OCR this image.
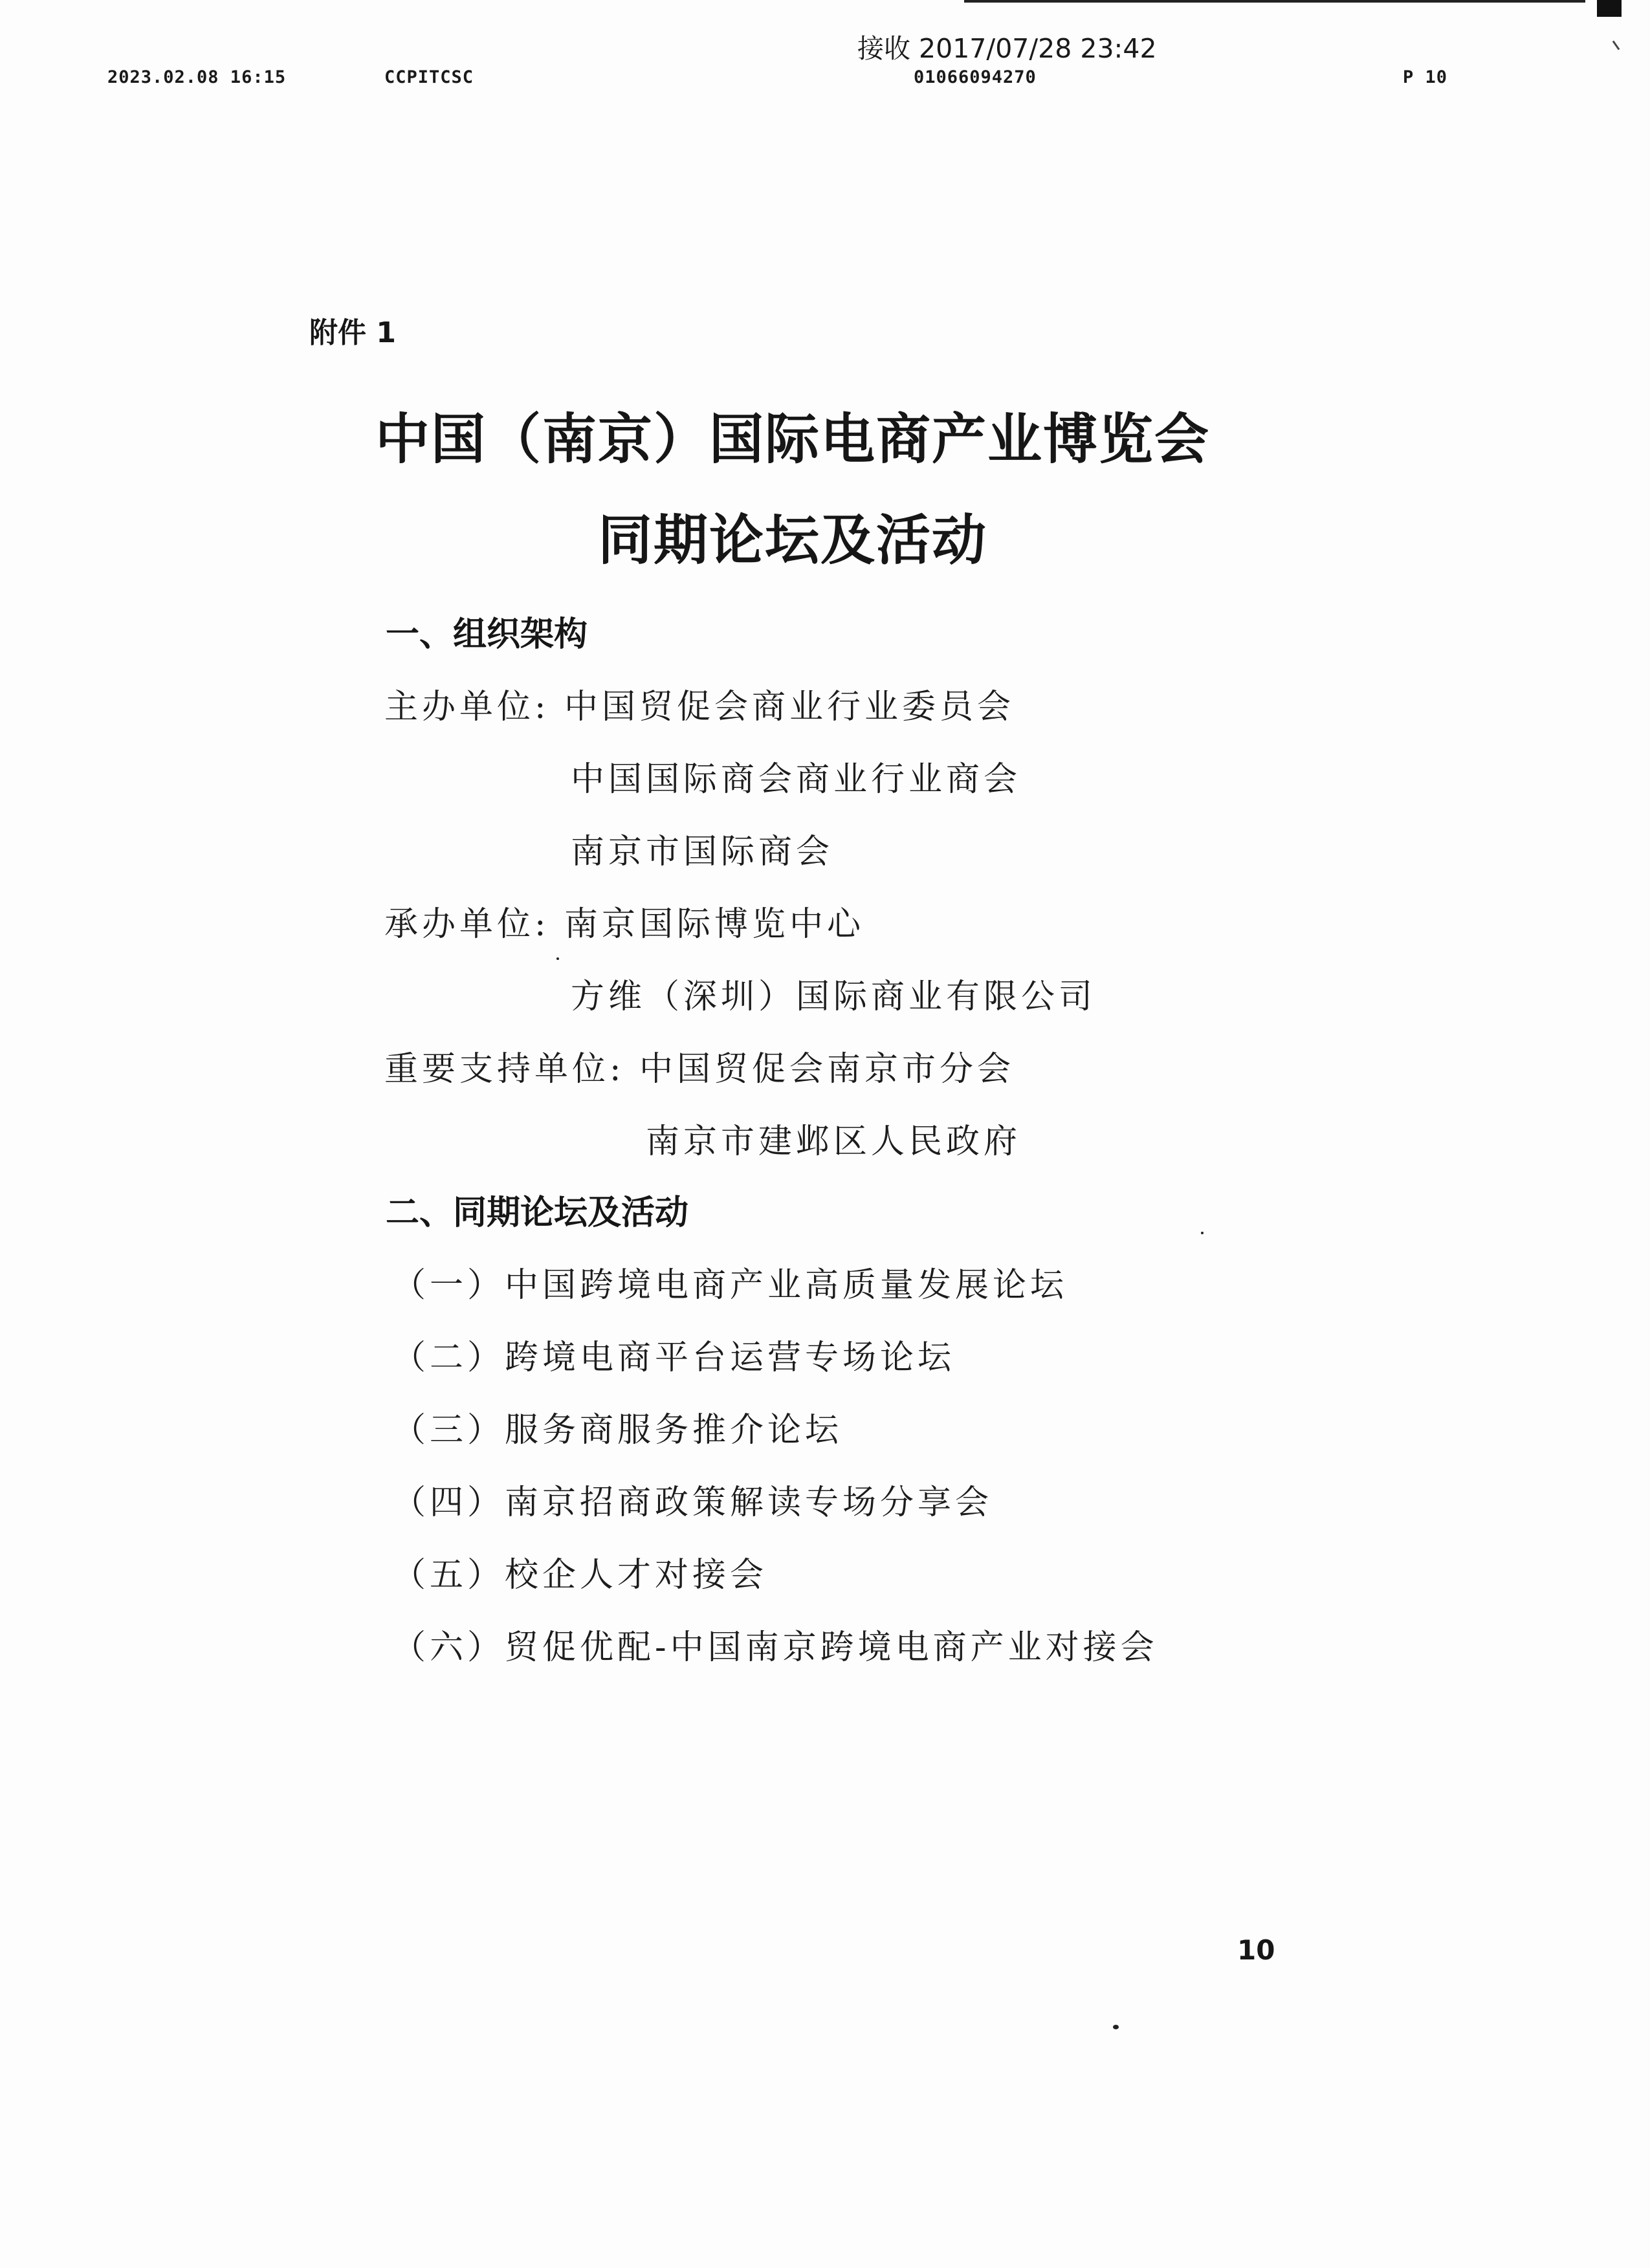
接收 2017/07/28 23:42
2023.02.08 16:15	CCPITCSC	01066094270	P 10
附件 1
中国（南京）国际电商产业博览会
同期论坛及活动
一、组织架构
主办单位: 中国贸促会商业行业委员会
中国国际商会商业行业商会
南京市国际商会
承办单位: 南京国际博览中心
方维（深圳）国际商业有限公司
重要支持单位: 中国贸促会南京市分会
南京市建邺区人民政府
二、同期论坛及活动
（一）中国跨境电商产业高质量发展论坛
（二）跨境电商平台运营专场论坛
（三）服务商服务推介论坛
（四）南京招商政策解读专场分享会
（五）校企人才对接会
（六）贸促优配-中国南京跨境电商产业对接会
10
